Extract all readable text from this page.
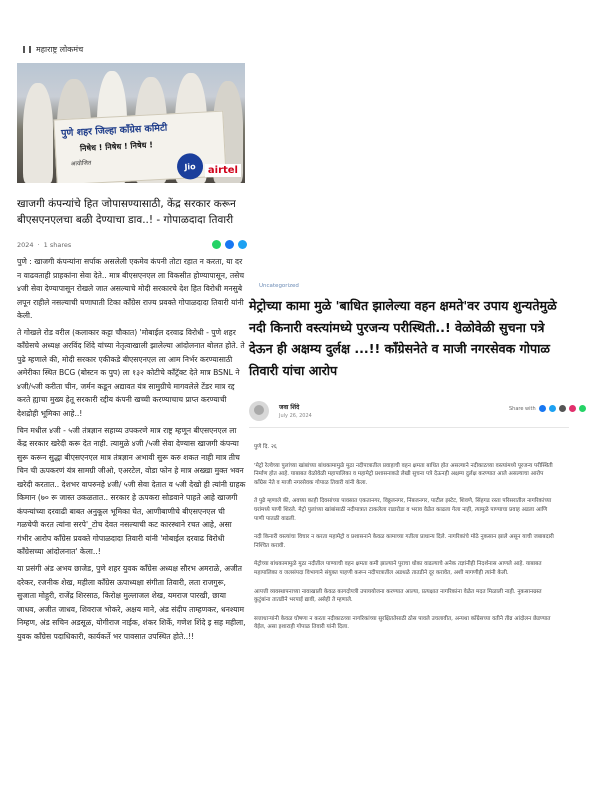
महाराष्ट्र लोकमंच
पुणे शहर जिल्हा काँग्रेस कमिटी
निषेध ! निषेध ! निषेध !
आयोजित	Jio	airtel
खाजगी कंपन्यांचे हित जोपासण्यासाठी, केंद्र सरकार करून बीएसएनएलचा बळी देण्याचा डाव..! - गोपाळदादा तिवारी
2024 · 1 shares

पुणे : खाजगी कंपन्यांना सर्पाक असलेली एकमेव कंपनी तोटा रहात न करता, या दर न वाढवताही प्राहकांना सेवा देते.. मात्र बीएसएनएल ला विकसीत होण्यापासून, तसेच ४जी सेवा देण्यापासून रोखले जात असल्याचे मोदी सरकारचे देश हित विरोधी मनसुबे लपून राहीले नसल्याची घणाघाती टिका काँग्रेस राज्य प्रवक्ते गोपाळदादा तिवारी यांनी केली.

ते गोखले रोड वरील (कलाकार कट्टा चौकात) 'मोबाईल दरवाढ विरोधी - पुणे शहर काँग्रेसचे अध्यक्ष अरविंद शिंदे यांच्या नेतृत्वाखाली झालेल्या आंदोलनात बोलत होते. ते पुढे म्हणाले की, मोदी सरकार एकीकडे बीएसएनएल ला आम निर्भर करण्यासाठी अमेरीका स्थित BCG (बोस्टन क पुप) ला १३२ कोटीचे कॉंट्रॅक्ट देते मात्र BSNL ने ४जी/५जी करीता चीन, जर्मन कडून अद्यावत यंत्र सामुग्रीचे मागवलेले टेंडर मात्र रद्द करते ह्याचा मुख्य हेतू सरकारी रद्दीय कंपनी खच्ची करण्याचाच प्राप्त करण्याची देशद्रोही भूमिका आहे..!

चिन मधील ४जी - ५जी तंत्रज्ञान सहाय्य उपकरणे मात्र राष्ट्र म्हणून बीएसएनएल ला केंद्र सरकार खरेदी करू देत नाही. त्यामुळे ४जी /५जी सेवा देण्यास खाजगी कंपन्या सुरू करून सुद्धा बीएसएनएल मात्र तंत्रज्ञान अभावी सुरू करु शकत नाही मात्र तीच चिन ची ऊपकरणं यंत्र सामग्री जीओ, एअरटेल, वोडा फोन हे मात्र अख्खा मुक्त भवन खरेदी करतात.. देशभर वापरुनहे ४जी/ ५जी सेवा देतात व ५जी देखो ही त्यांनी ग्राहक किमान (७० रू जास्त उकळतात.. सरकार हे ऊपकरा सोडवाने पाहते आहे खाजगी कंपन्यांच्या दरवाढी बाबत अनुकूल भूमिका घेत, आणीबाणीचे बीएसएनएल ची गळचेपी करत त्यांना सरपे'_टोच देवत नसल्याची कट कारस्थाने रचत आहे, असा गंभीर आरोप काँग्रेस प्रवक्ते गोपाळदादा तिवारी यांनी 'मोबाईल दरवाढ विरोधी काँग्रेसच्या आंदोलनात' केला..!

या प्रसंगी अंड अभय छाजेड, पुणे शहर युवक काँग्रेस अध्यक्ष सौरभ अमराळे, अजीत दरेकर, रजनीक शेख, महीला काँग्रेस ऊपाध्यक्षा संगीता तिवारी, लता राजगुरू, सुजाता मोहुरी, राजेंद्र शिरसाठ, किरोक्ष मुल्लाजल शेख, यमराज पारखी, छाया जाधव, अजीत जाधव, शिवराज भोकरे, अक्षय माने, अंड संदीप ताम्हणकर, धनश्याम निम्हण, अंड सचिन अडसूळ, योगीराज नाईक, शंकर शिर्के, गणेश शिंदे इ सह महीला, युवक काँग्रेस पदाधिकारी, कार्यकर्ते भर पावसात उपस्थित होते..!!

Uncategorized
मेट्रोच्या कामा मुळे 'बाधित झालेल्या वहन क्षमते'वर उपाय शुन्यतेमुळे नदी किनारी वस्त्यांमध्ये पुरजन्य परीस्थिती..! वेळोवेळी सुचना पत्रे देऊन ही अक्षम्य दुर्लक्ष ...!! काँग्रेसनेते व माजी नगरसेवक गोपाळ तिवारी यांचा आरोप
जवा शिंदे
July 26, 2024
Share with

पुणे दि. २६

'मेट्रो रेल्वेच्या पुलांच्या खांबांच्या बांधकामामुळे मुठा नदीपात्रातील प्रवाहाची वहन क्षमता बाधित होत असल्याने नदीकाठच्या वस्त्यांमध्ये पूरजन्य परीस्थिती निर्माण होत आहे. याबाबत वेळोवेळी महापालिका व महामेट्रो प्रशासनाकडे लेखी सुचना पत्रे देऊनही अक्षम्य दुर्लक्ष करण्यात आले असल्याचा आरोप काँग्रेस नेते व माजी नगरसेवक गोपाळ तिवारी यांनी केला.

ते पुढे म्हणाले की, अवघ्या काही दिवसांच्या पावसात एकतानगर, विठ्ठलनगर, निंबजनगर, पाटील इस्टेट, शिवणे, सिंहगड रस्ता परिसरातील नागरिकांच्या घरांमध्ये पाणी शिरले. मेट्रो पुलांच्या खांबांसाठी नदीपात्रात टाकलेला राडारोडा व भराव वेळेत काढला गेला नाही, त्यामुळे पाण्याचा प्रवाह अडला आणि पाणी पातळी वाढली.

नदी किनारी वस्त्यांचा विचार न करता महामेट्रो व प्रशासनाने केवळ कामाच्या गतीला प्राधान्य दिले. नागरिकांचे मोठे नुकसान झाले असून याची जबाबदारी निश्चित करावी.

मेट्रोच्या बांधकामामुळे मुठा नदीतील पाण्याची वहन क्षमता कमी झाल्याने पुराचा धोका वाढल्याचे अनेक तज्ञांनीही निदर्शनास आणले आहे. याबाबत महापालिका व जलसंपदा विभागाने संयुक्त पाहणी करून नदीपात्रातील अडथळे तातडीने दूर करावेत, अशी मागणीही त्यांनी केली.

आपत्ती व्यवस्थापनाच्या नावाखाली केवळ कागदोपत्री उपाययोजना करण्यात आल्या, प्रत्यक्षात नागरिकांना वेळेत मदत मिळाली नाही. नुकसानग्रस्त कुटुंबांना तातडीने भरपाई द्यावी, असेही ते म्हणाले.

सत्ताधाऱ्यांनी केवळ घोषणा न करता नदीकाठच्या नागरिकांच्या सुरक्षिततेसाठी ठोस पावले उचलावीत, अन्यथा काँग्रेसच्या वतीने तीव्र आंदोलन छेडण्यात येईल, असा इशाराही गोपाळ तिवारी यांनी दिला.
